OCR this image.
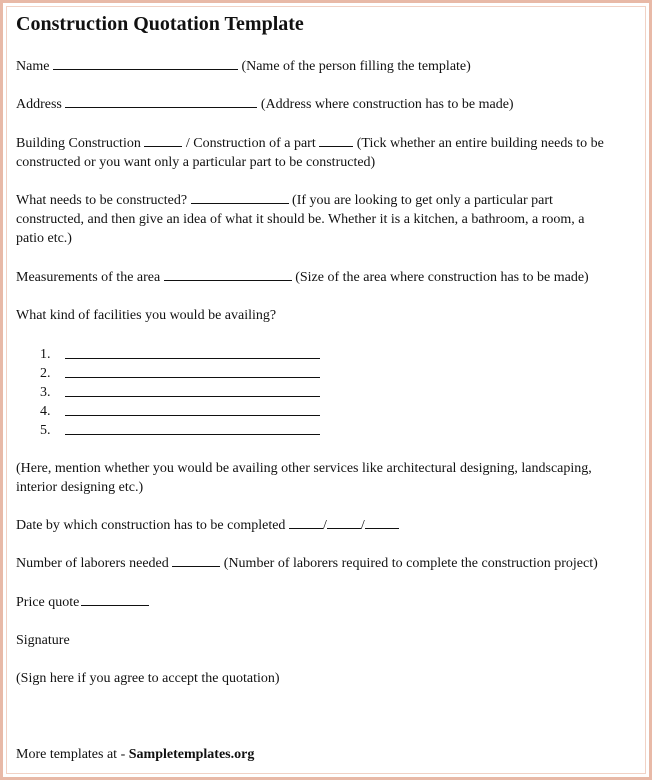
Construction Quotation Template
Name	(Name of the person filling the template)
Address	(Address where construction has to be made)
Building Construction	/ Construction of a part	(Tick whether an entire building needs to be
constructed or you want only a particular part to be constructed)
What needs to be constructed?	(If you are looking to get only a particular part
constructed, and then give an idea of what it should be. Whether it is a kitchen, a bathroom, a room, a
patio etc.)
Measurements of the area	(Size of the area where construction has to be made)
What kind of facilities you would be availing?
1.
2.
3.
4.
5.
(Here, mention whether you would be availing other services like architectural designing, landscaping,
interior designing etc.)
Date by which construction has to be completed	/ /
Number of laborers needed	(Number of laborers required to complete the construction project)
Price quote
Signature
(Sign here if you agree to accept the quotation)
More templates at - Sampletemplates.org
